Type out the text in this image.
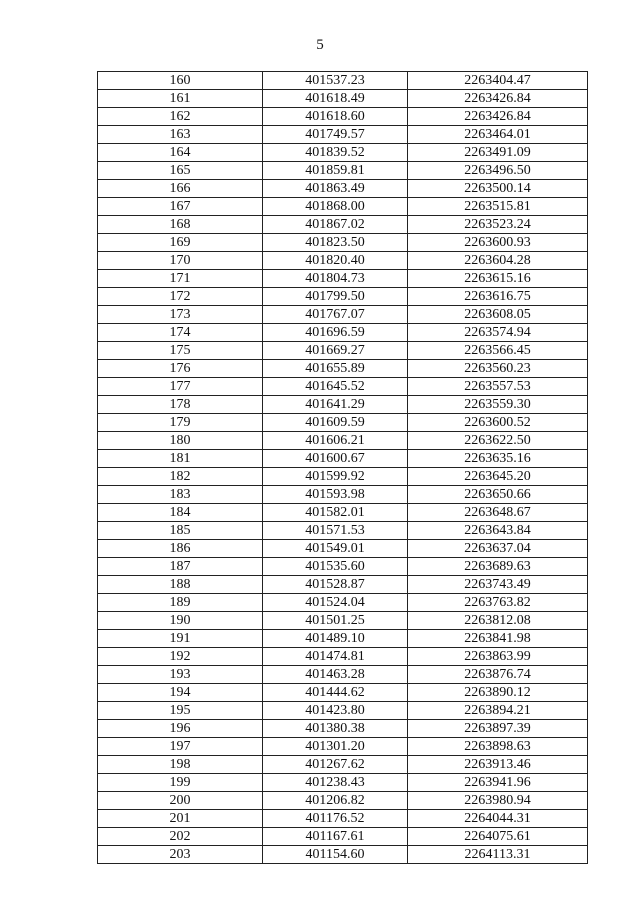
5
160	401537.23	2263404.47
161	401618.49	2263426.84
162	401618.60	2263426.84
163	401749.57	2263464.01
164	401839.52	2263491.09
165	401859.81	2263496.50
166	401863.49	2263500.14
167	401868.00	2263515.81
168	401867.02	2263523.24
169	401823.50	2263600.93
170	401820.40	2263604.28
171	401804.73	2263615.16
172	401799.50	2263616.75
173	401767.07	2263608.05
174	401696.59	2263574.94
175	401669.27	2263566.45
176	401655.89	2263560.23
177	401645.52	2263557.53
178	401641.29	2263559.30
179	401609.59	2263600.52
180	401606.21	2263622.50
181	401600.67	2263635.16
182	401599.92	2263645.20
183	401593.98	2263650.66
184	401582.01	2263648.67
185	401571.53	2263643.84
186	401549.01	2263637.04
187	401535.60	2263689.63
188	401528.87	2263743.49
189	401524.04	2263763.82
190	401501.25	2263812.08
191	401489.10	2263841.98
192	401474.81	2263863.99
193	401463.28	2263876.74
194	401444.62	2263890.12
195	401423.80	2263894.21
196	401380.38	2263897.39
197	401301.20	2263898.63
198	401267.62	2263913.46
199	401238.43	2263941.96
200	401206.82	2263980.94
201	401176.52	2264044.31
202	401167.61	2264075.61
203	401154.60	2264113.31
